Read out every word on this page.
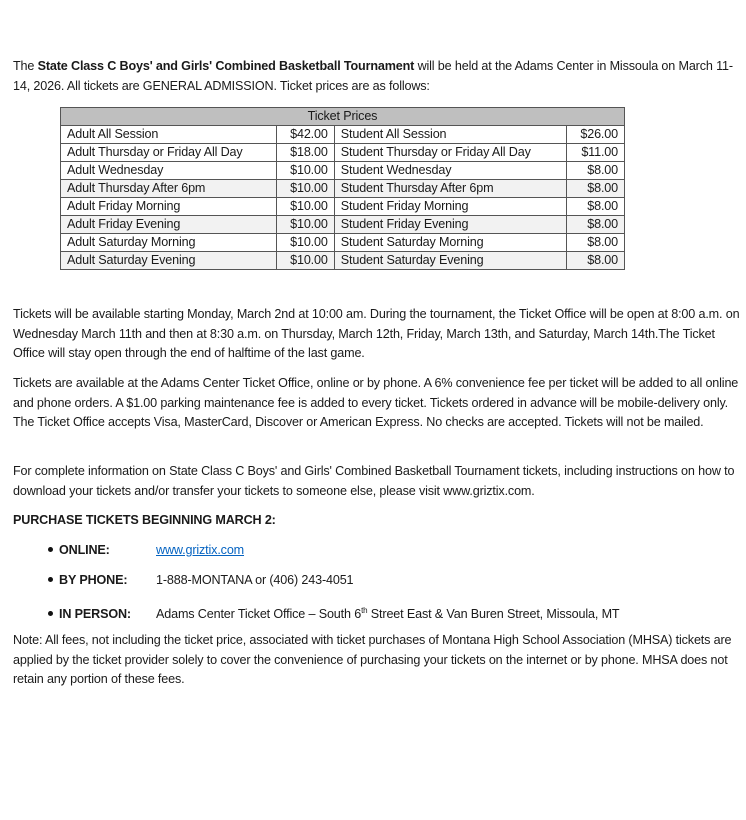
The State Class C Boys' and Girls' Combined Basketball Tournament will be held at the Adams Center in Missoula on March 11-14, 2026. All tickets are GENERAL ADMISSION. Ticket prices are as follows:
Ticket Prices			
Adult All Session	$42.00	Student All Session	$26.00
Adult Thursday or Friday All Day	$18.00	Student Thursday or Friday All Day	$11.00
Adult Wednesday	$10.00	Student Wednesday	$8.00
Adult Thursday After 6pm	$10.00	Student Thursday After 6pm	$8.00
Adult Friday Morning	$10.00	Student Friday Morning	$8.00
Adult Friday Evening	$10.00	Student Friday Evening	$8.00
Adult Saturday Morning	$10.00	Student Saturday Morning	$8.00
Adult Saturday Evening	$10.00	Student Saturday Evening	$8.00
Tickets will be available starting Monday, March 2nd at 10:00 am. During the tournament, the Ticket Office will be open at 8:00 a.m. on Wednesday March 11th and then at 8:30 a.m. on Thursday, March 12th, Friday, March 13th, and Saturday, March 14th.The Ticket Office will stay open through the end of halftime of the last game.
Tickets are available at the Adams Center Ticket Office, online or by phone. A 6% convenience fee per ticket will be added to all online and phone orders. A $1.00 parking maintenance fee is added to every ticket. Tickets ordered in advance will be mobile-delivery only. The Ticket Office accepts Visa, MasterCard, Discover or American Express. No checks are accepted. Tickets will not be mailed.
For complete information on State Class C Boys' and Girls' Combined Basketball Tournament tickets, including instructions on how to download your tickets and/or transfer your tickets to someone else, please visit www.griztix.com.
PURCHASE TICKETS BEGINNING MARCH 2:
ONLINE:	www.griztix.com
BY PHONE: 1-888-MONTANA or (406) 243-4051
IN PERSON: Adams Center Ticket Office – South 6th Street East & Van Buren Street, Missoula, MT
Note: All fees, not including the ticket price, associated with ticket purchases of Montana High School Association (MHSA) tickets are applied by the ticket provider solely to cover the convenience of purchasing your tickets on the internet or by phone. MHSA does not retain any portion of these fees.
